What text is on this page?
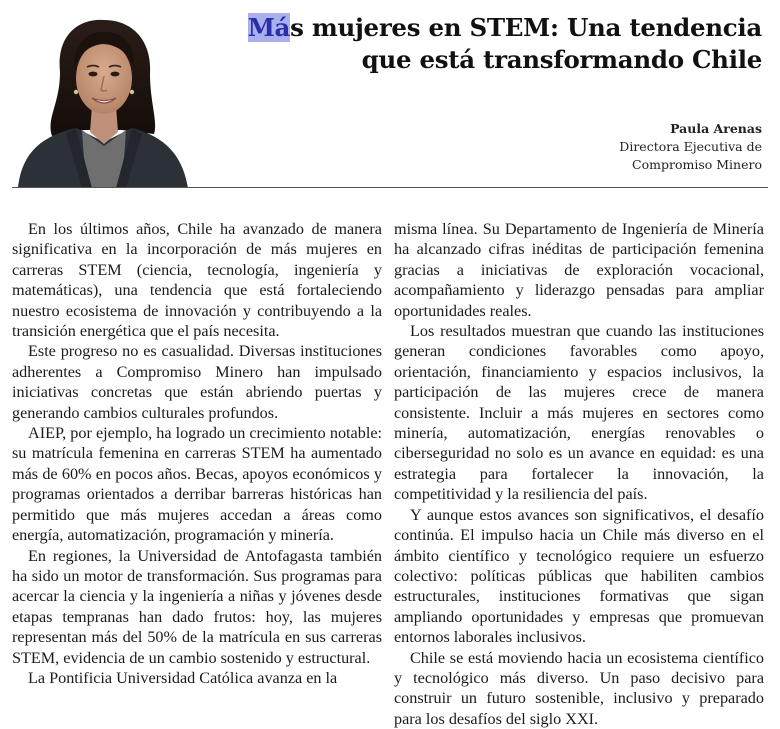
Más mujeres en STEM: Una tendencia que está transformando Chile
Paula Arenas
Directora Ejecutiva de
Compromiso Minero

En los últimos años, Chile ha avanzado de manera significativa en la incorporación de más mujeres en carreras STEM (ciencia, tecnología, ingeniería y matemáticas), una tendencia que está fortaleciendo nuestro ecosistema de innovación y contribuyendo a la transición energética que el país necesita.

Este progreso no es casualidad. Diversas instituciones adherentes a Compromiso Minero han impulsado iniciativas concretas que están abriendo puertas y generando cambios culturales profundos.

AIEP, por ejemplo, ha logrado un crecimiento notable: su matrícula femenina en carreras STEM ha aumentado más de 60% en pocos años. Becas, apoyos económicos y programas orientados a derribar barreras históricas han permitido que más mujeres accedan a áreas como energía, automatización, programación y minería.

En regiones, la Universidad de Antofagasta también ha sido un motor de transformación. Sus programas para acercar la ciencia y la ingeniería a niñas y jóvenes desde etapas tempranas han dado frutos: hoy, las mujeres representan más del 50% de la matrícula en sus carreras STEM, evidencia de un cambio sostenido y estructural.

La Pontificia Universidad Católica avanza en la

misma línea. Su Departamento de Ingeniería de Minería ha alcanzado cifras inéditas de participación femenina gracias a iniciativas de exploración vocacional, acompañamiento y liderazgo pensadas para ampliar oportunidades reales.

Los resultados muestran que cuando las instituciones generan condiciones favorables como apoyo, orientación, financiamiento y espacios inclusivos, la participación de las mujeres crece de manera consistente. Incluir a más mujeres en sectores como minería, automatización, energías renovables o ciberseguridad no solo es un avance en equidad: es una estrategia para fortalecer la innovación, la competitividad y la resiliencia del país.

Y aunque estos avances son significativos, el desafío continúa. El impulso hacia un Chile más diverso en el ámbito científico y tecnológico requiere un esfuerzo colectivo: políticas públicas que habiliten cambios estructurales, instituciones formativas que sigan ampliando oportunidades y empresas que promuevan entornos laborales inclusivos.

Chile se está moviendo hacia un ecosistema científico y tecnológico más diverso. Un paso decisivo para construir un futuro sostenible, inclusivo y preparado para los desafíos del siglo XXI.
